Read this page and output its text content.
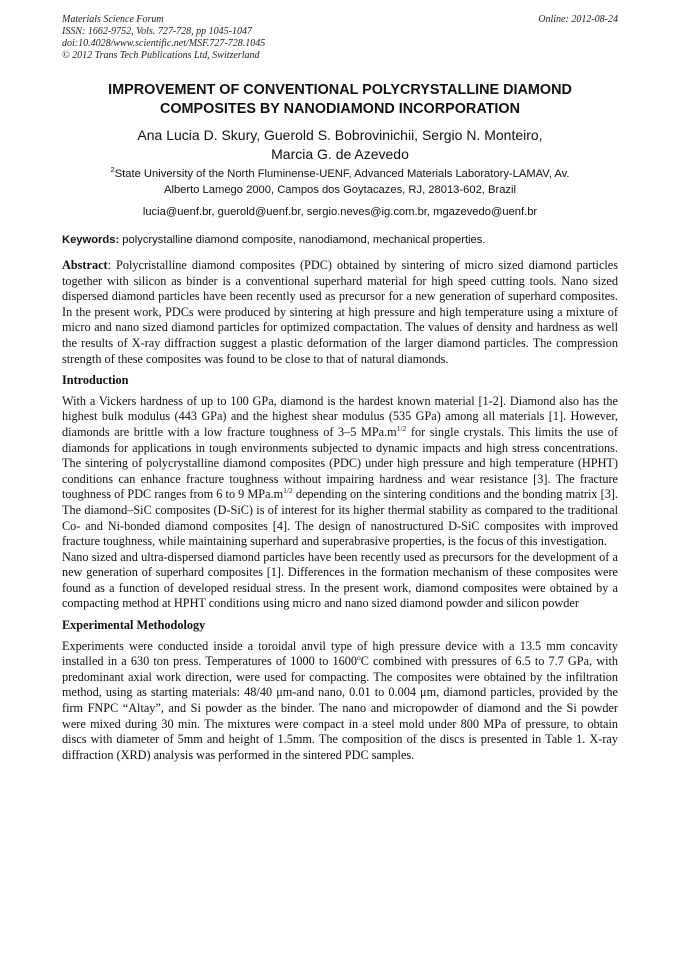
Materials Science Forum
ISSN: 1662-9752, Vols. 727-728, pp 1045-1047
doi:10.4028/www.scientific.net/MSF.727-728.1045
© 2012 Trans Tech Publications Ltd, Switzerland
Online: 2012-08-24
IMPROVEMENT OF CONVENTIONAL POLYCRYSTALLINE DIAMOND
COMPOSITES BY NANODIAMOND INCORPORATION
Ana Lucia D. Skury, Guerold S. Bobrovinichii, Sergio N. Monteiro,
Marcia G. de Azevedo
$^2$State University of the North Fluminense-UENF, Advanced Materials Laboratory-LAMAV, Av.
Alberto Lamego 2000, Campos dos Goytacazes, RJ, 28013-602, Brazil
lucia@uenf.br, guerold@uenf.br, sergio.neves@ig.com.br, mgazevedo@uenf.br
Keywords: polycrystalline diamond composite, nanodiamond, mechanical properties.

Abstract: Polycristalline diamond composites (PDC) obtained by sintering of micro sized diamond particles together with silicon as binder is a conventional superhard material for high speed cutting tools. Nano sized dispersed diamond particles have been recently used as precursor for a new generation of superhard composites. In the present work, PDCs were produced by sintering at high pressure and high temperature using a mixture of micro and nano sized diamond particles for optimized compactation. The values of density and hardness as well the results of X-ray diffraction suggest a plastic deformation of the larger diamond particles. The compression strength of these composites was found to be close to that of natural diamonds.

Introduction

With a Vickers hardness of up to 100 GPa, diamond is the hardest known material [1-2]. Diamond also has the highest bulk modulus (443 GPa) and the highest shear modulus (535 GPa) among all materials [1]. However, diamonds are brittle with a low fracture toughness of 3–5 $MPa.m^{1/2}$ for single crystals. This limits the use of diamonds for applications in tough environments subjected to dynamic impacts and high stress concentrations. The sintering of polycrystalline diamond composites (PDC) under high pressure and high temperature (HPHT) conditions can enhance fracture toughness without impairing hardness and wear resistance [3]. The fracture toughness of PDC ranges from 6 to 9 $MPa.m^{1/2}$ depending on the sintering conditions and the bonding matrix [3]. The diamond–SiC composites (D-SiC) is of interest for its higher thermal stability as compared to the traditional Co- and Ni-bonded diamond composites [4]. The design of nanostructured D-SiC composites with improved fracture toughness, while maintaining superhard and superabrasive properties, is the focus of this investigation.

Nano sized and ultra-dispersed diamond particles have been recently used as precursors for the development of a new generation of superhard composites [1]. Differences in the formation mechanism of these composites were found as a function of developed residual stress. In the present work, diamond composites were obtained by a compacting method at HPHT conditions using micro and nano sized diamond powder and silicon powder

Experimental Methodology

Experiments were conducted inside a toroidal anvil type of high pressure device with a 13.5 mm concavity installed in a 630 ton press. Temperatures of 1000 to 1600$^o$C combined with pressures of 6.5 to 7.7 GPa, with predominant axial work direction, were used for compacting. The composites were obtained by the infiltration method, using as starting materials: 48/40 μm-and nano, 0.01 to 0.004 μm, diamond particles, provided by the firm FNPC “Altay”, and Si powder as the binder. The nano and micropowder of diamond and the Si powder were mixed during 30 min. The mixtures were compact in a steel mold under 800 MPa of pressure, to obtain discs with diameter of 5mm and height of 1.5mm. The composition of the discs is presented in Table 1. X-ray diffraction (XRD) analysis was performed in the sintered PDC samples.
